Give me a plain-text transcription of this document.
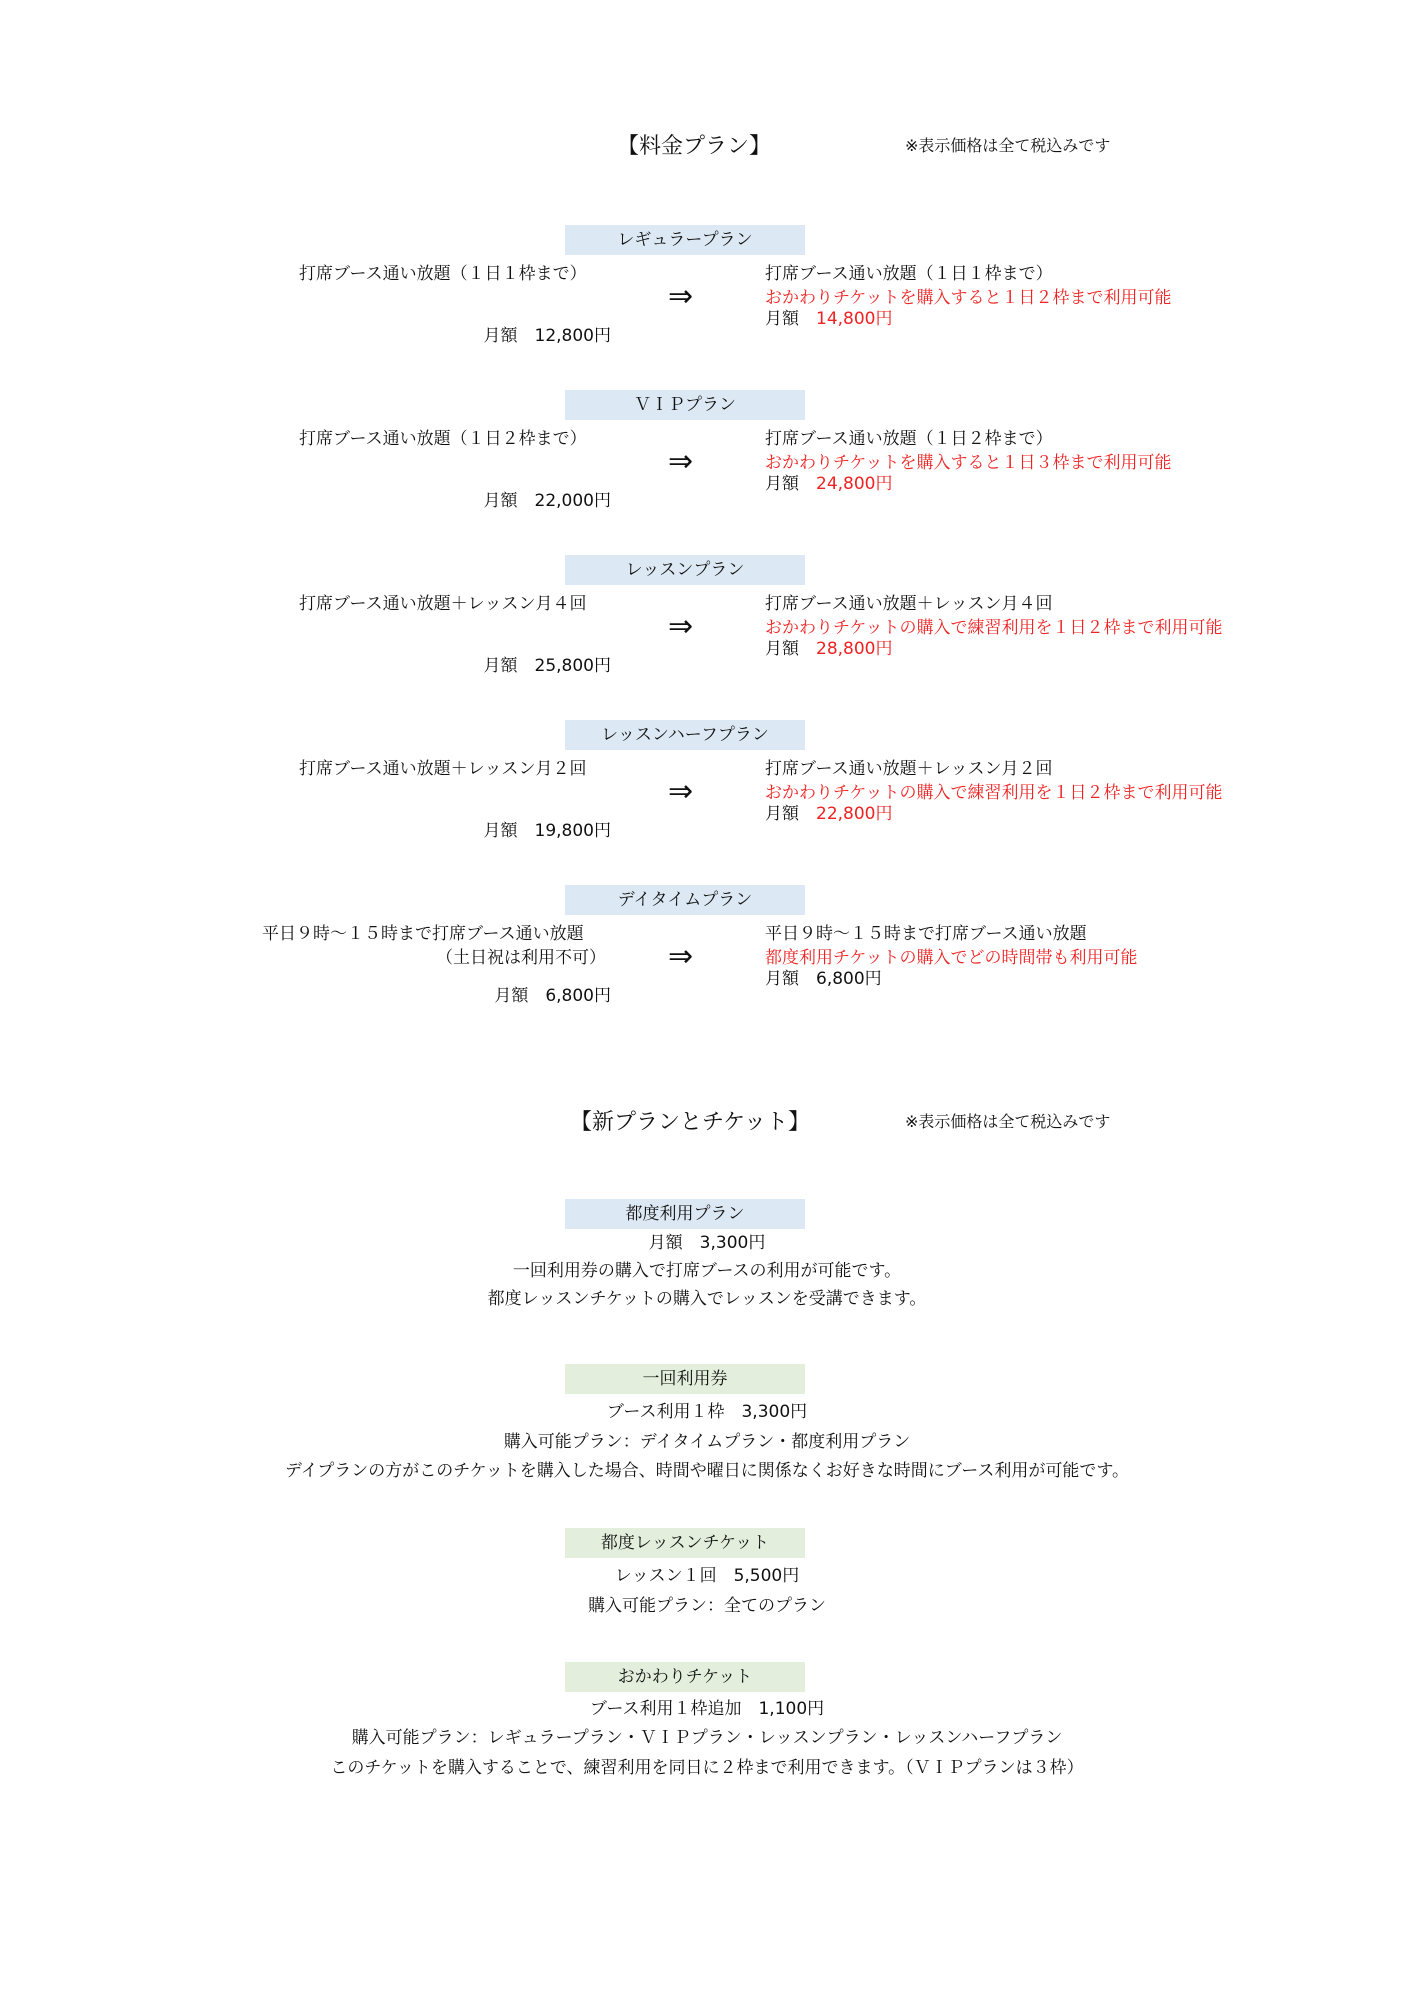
【料金プラン】	※表示価格は全て税込みです
レギュラープラン
打席ブース通い放題（１日１枠まで）
月額　12,800円
⇒
打席ブース通い放題（１日１枠まで）
おかわりチケットを購入すると１日２枠まで利用可能
月額　 14,800円
ＶＩＰプラン
打席ブース通い放題（１日２枠まで）
月額　22,000円
⇒
打席ブース通い放題（１日２枠まで）
おかわりチケットを購入すると１日３枠まで利用可能
月額　 24,800円
レッスンプラン
打席ブース通い放題＋レッスン月４回
月額　25,800円
⇒
打席ブース通い放題＋レッスン月４回
おかわりチケットの購入で練習利用を１日２枠まで利用可能
月額　 28,800円
レッスンハーフプラン
打席ブース通い放題＋レッスン月２回
月額　19,800円
⇒
打席ブース通い放題＋レッスン月２回
おかわりチケットの購入で練習利用を１日２枠まで利用可能
月額　 22,800円
デイタイムプラン
平日９時～１５時まで打席ブース通い放題
（土日祝は利用不可）
月額　6,800円
⇒
平日９時～１５時まで打席ブース通い放題
都度利用チケットの購入でどの時間帯も利用可能
月額　 6,800円
【新プランとチケット】	※表示価格は全て税込みです
都度利用プラン
月額　3,300円
一回利用券の購入で打席ブースの利用が可能です。
都度レッスンチケットの購入でレッスンを受講できます。
一回利用券
ブース利用１枠　3,300円
購入可能プラン：デイタイムプラン・都度利用プラン
デイプランの方がこのチケットを購入した場合、時間や曜日に関係なくお好きな時間にブース利用が可能です。
都度レッスンチケット
レッスン１回　5,500円
購入可能プラン：全てのプラン
おかわりチケット
ブース利用１枠追加　1,100円
購入可能プラン：レギュラープラン・ＶＩＰプラン・レッスンプラン・レッスンハーフプラン
このチケットを購入することで、練習利用を同日に２枠まで利用できます。（ＶＩＰプランは３枠）
